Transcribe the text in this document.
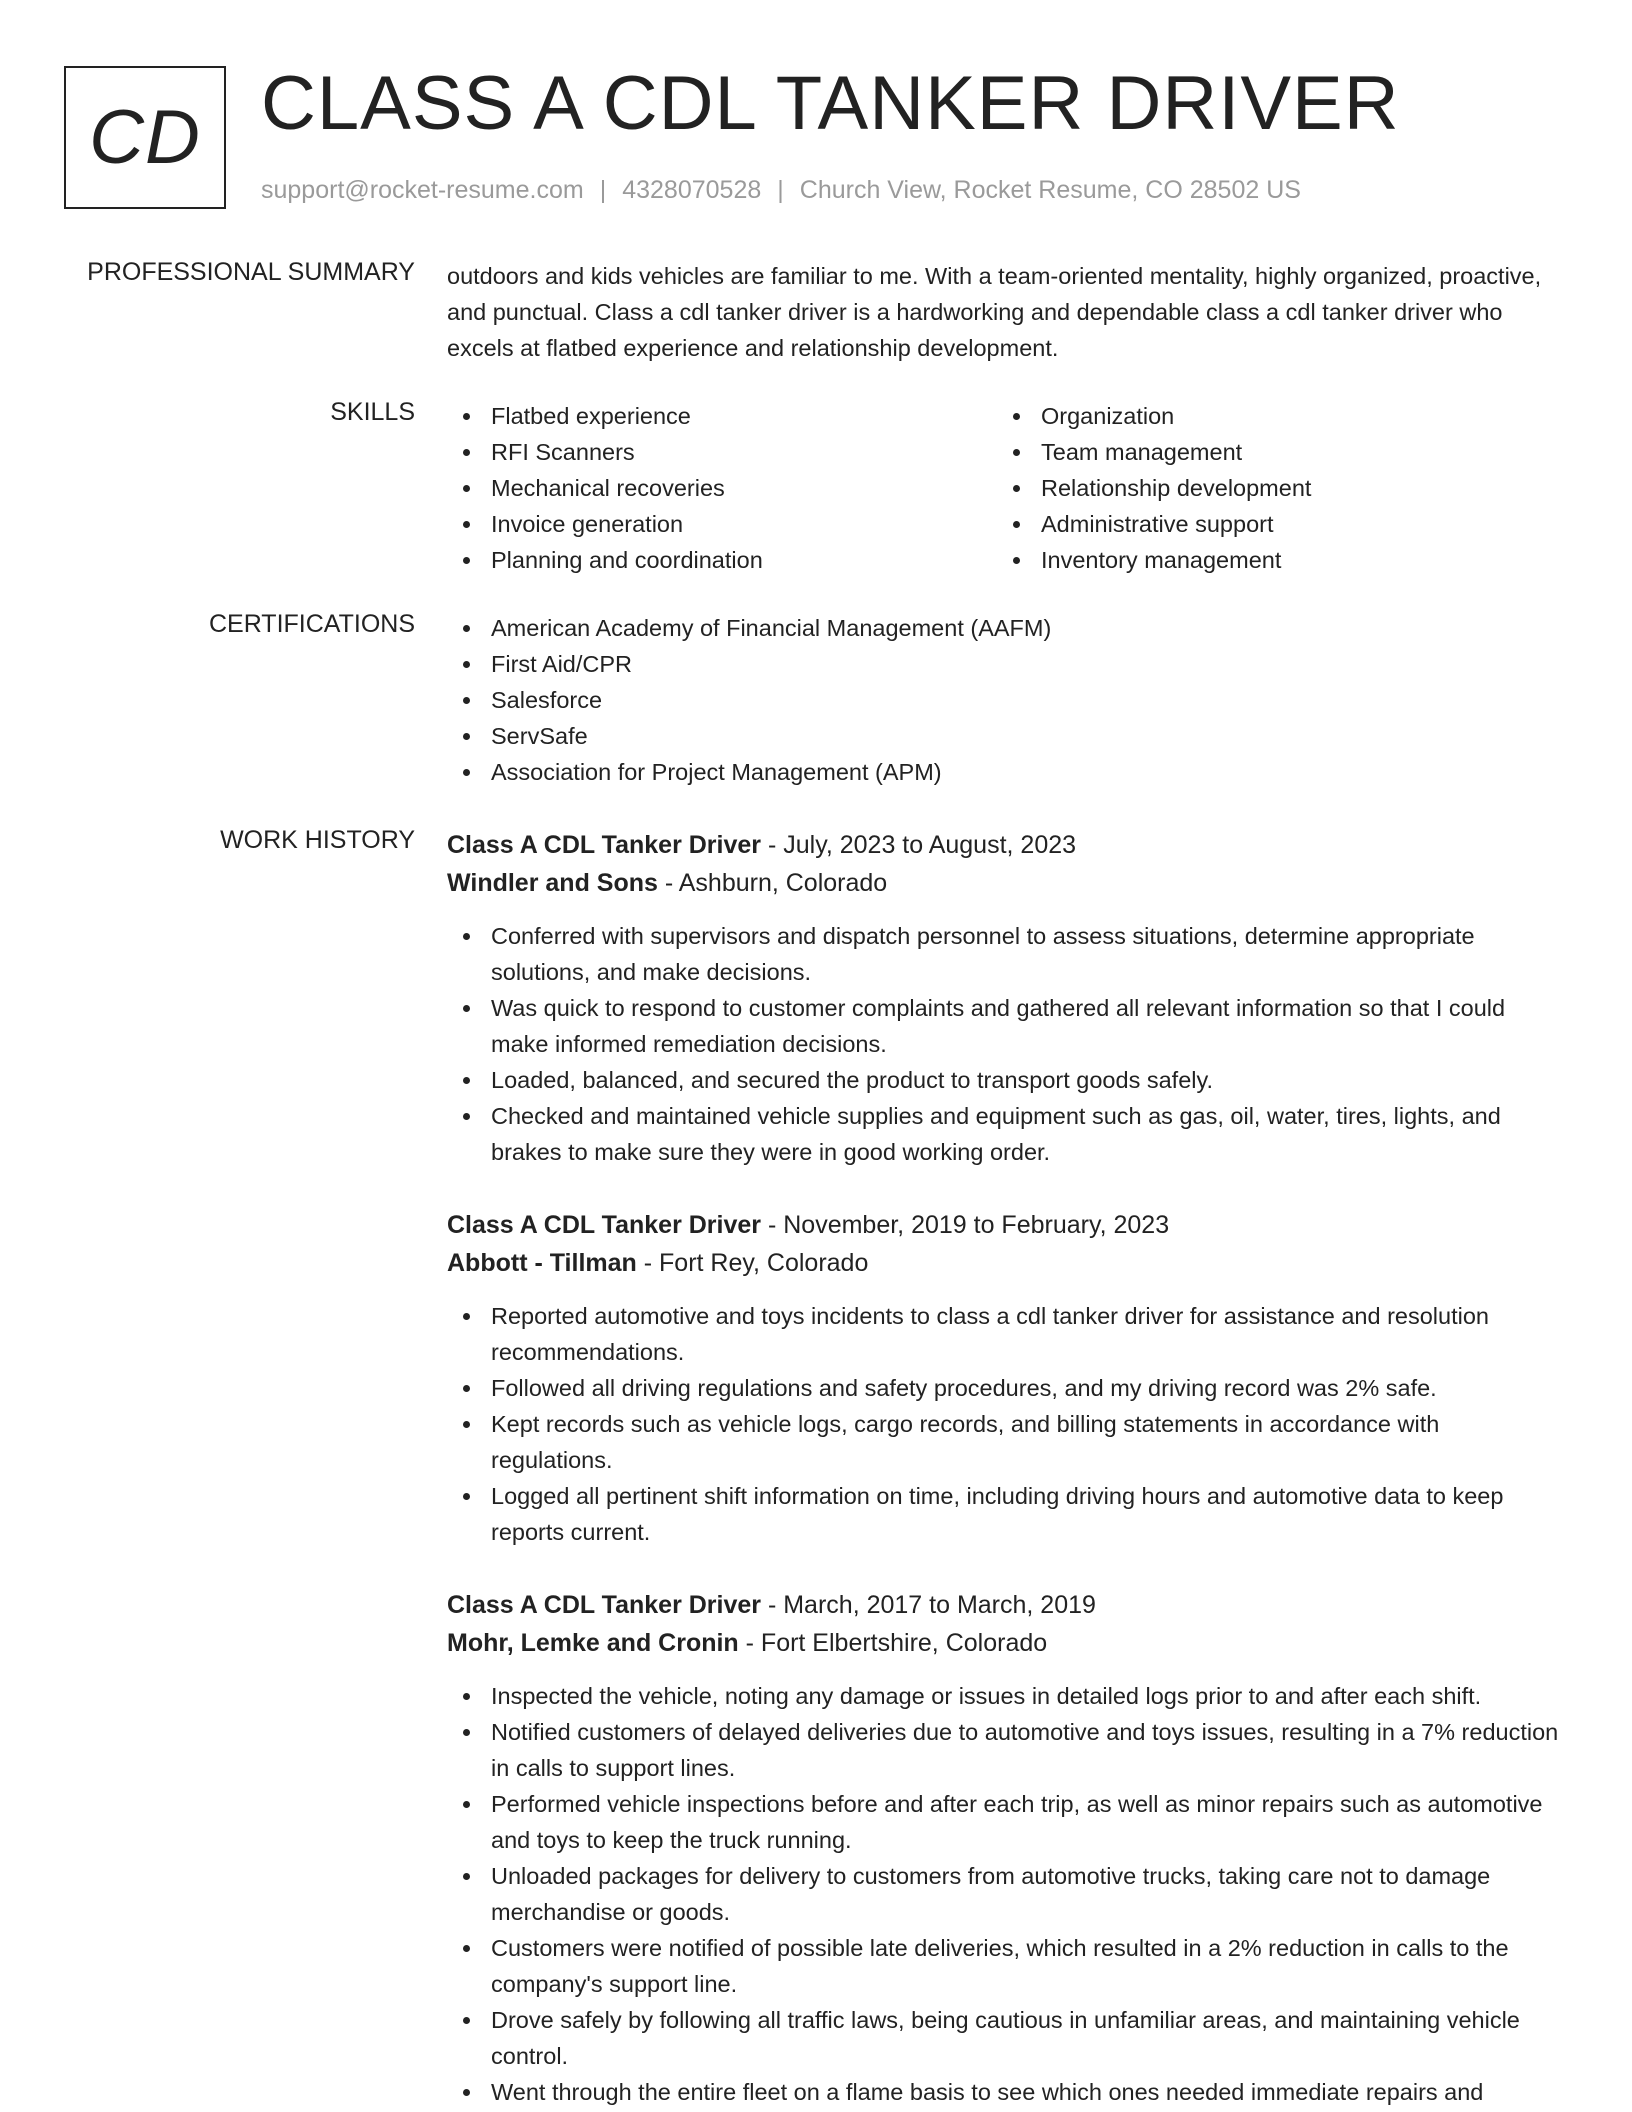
CD CLASS A CDL TANKER DRIVER
support@rocket-resume.com | 4328070528 | Church View, Rocket Resume, CO 28502 US
PROFESSIONAL SUMMARY outdoors and kids vehicles are familiar to me. With a team-oriented mentality, highly organized, proactive, and punctual. Class a cdl tanker driver is a hardworking and dependable class a cdl tanker driver who excels at flatbed experience and relationship development.
SKILLS	Flatbed experience
RFI Scanners
Mechanical recoveries
Invoice generation
Planning and coordination
Organization
Team management
Relationship development
Administrative support
Inventory management
CERTIFICATIONS	American Academy of Financial Management (AAFM)
First Aid/CPR
Salesforce
ServSafe
Association for Project Management (APM)
WORK HISTORY Class A CDL Tanker Driver - July, 2023 to August, 2023
Windler and Sons - Ashburn, Colorado
Conferred with supervisors and dispatch personnel to assess situations, determine appropriate solutions, and make decisions.
Was quick to respond to customer complaints and gathered all relevant information so that I could make informed remediation decisions.
Loaded, balanced, and secured the product to transport goods safely.
Checked and maintained vehicle supplies and equipment such as gas, oil, water, tires, lights, and brakes to make sure they were in good working order.
Class A CDL Tanker Driver - November, 2019 to February, 2023
Abbott - Tillman - Fort Rey, Colorado
Reported automotive and toys incidents to class a cdl tanker driver for assistance and resolution recommendations.
Followed all driving regulations and safety procedures, and my driving record was 2% safe.
Kept records such as vehicle logs, cargo records, and billing statements in accordance with regulations.
Logged all pertinent shift information on time, including driving hours and automotive data to keep reports current.
Class A CDL Tanker Driver - March, 2017 to March, 2019
Mohr, Lemke and Cronin - Fort Elbertshire, Colorado
Inspected the vehicle, noting any damage or issues in detailed logs prior to and after each shift.
Notified customers of delayed deliveries due to automotive and toys issues, resulting in a 7% reduction in calls to support lines.
Performed vehicle inspections before and after each trip, as well as minor repairs such as automotive and toys to keep the truck running.
Unloaded packages for delivery to customers from automotive trucks, taking care not to damage merchandise or goods.
Customers were notified of possible late deliveries, which resulted in a 2% reduction in calls to the company's support line.
Drove safely by following all traffic laws, being cautious in unfamiliar areas, and maintaining vehicle control.
Went through the entire fleet on a flame basis to see which ones needed immediate repairs and
